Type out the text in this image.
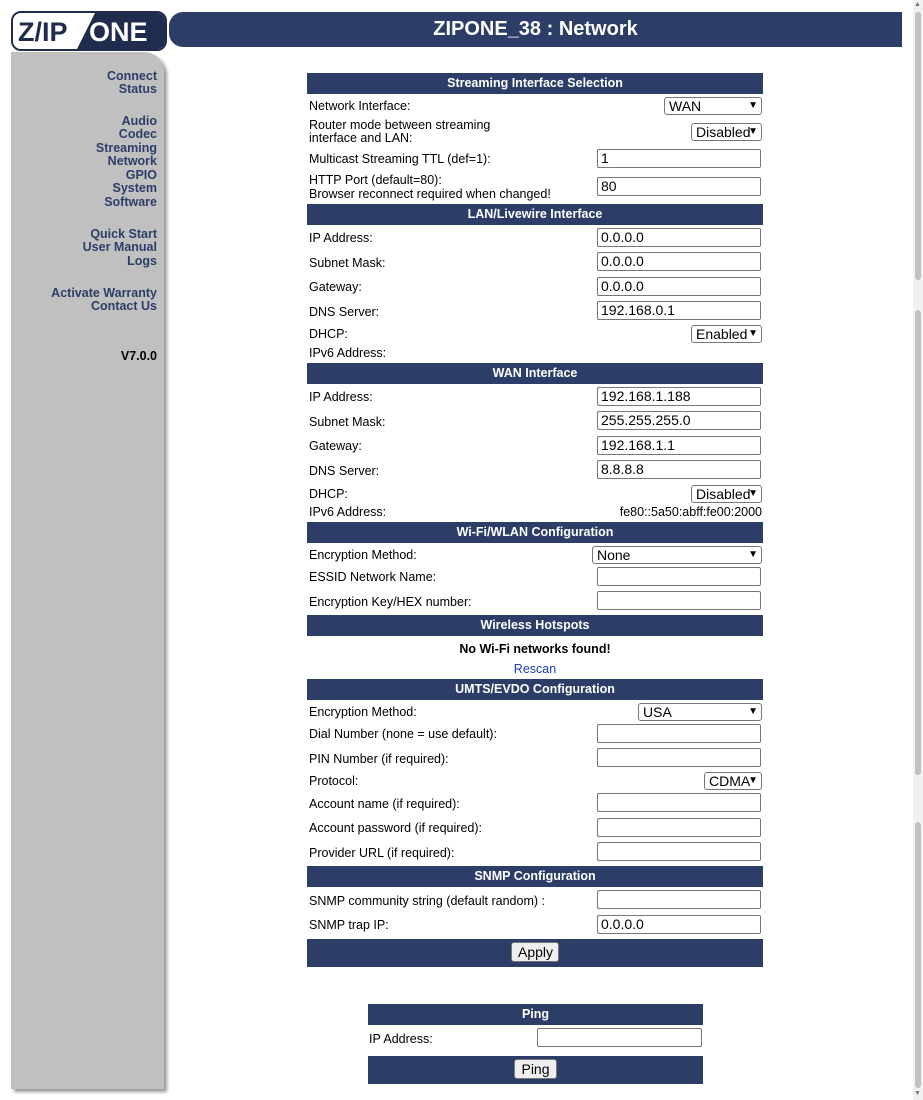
Z/IP ONE	ZIPONE_38 : Network
Connect
Status
Audio
Codec
Streaming
Network
GPIO
System
Software
Quick Start
User Manual
Logs
Activate Warranty
Contact Us
V7.0.0
Streaming Interface Selection
Network Interface:	WAN	▼
Router mode between streaming
interface and LAN:	Disabled
▼
Multicast Streaming TTL (def=1):	1
HTTP Port (default=80):
Browser reconnect required when changed!	80
LAN/Livewire Interface
IP Address:	0.0.0.0
Subnet Mask:	0.0.0.0
Gateway:	0.0.0.0
DNS Server:	192.168.0.1
DHCP:	Enabled ▼
IPv6 Address:
WAN Interface
IP Address:	192.168.1.188
Subnet Mask:	255.255.255.0
Gateway:	192.168.1.1
DNS Server:	8.8.8.8
DHCP:	Disabled
▼
IPv6 Address:	fe80::5a50:abff:fe00:2000
Wi-Fi/WLAN Configuration
Encryption Method:	None	▼
ESSID Network Name:
Encryption Key/HEX number:
Wireless Hotspots
No Wi-Fi networks found!
Rescan
UMTS/EVDO Configuration
Encryption Method:	USA	▼
Dial Number (none = use default):
PIN Number (if required):
Protocol:	CDMA
▼
Account name (if required):
Account password (if required):
Provider URL (if required):
SNMP Configuration
SNMP community string (default random) :
SNMP trap IP:	0.0.0.0
Apply
Ping
IP Address:
Ping
▲
▼
